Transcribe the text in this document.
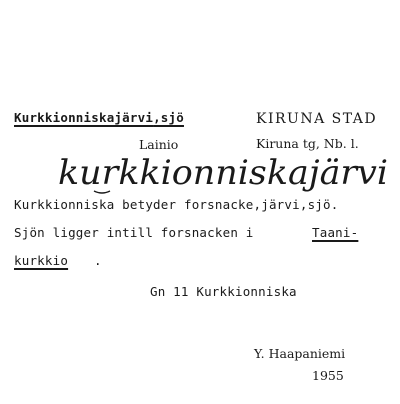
Kurkkionniskajärvi,sjö	KIRUNA STAD
Lainio	Kiruna tg, Nb. l.
kurkkionniskajärvi
Kurkkionniska betyder forsnacke,järvi,sjö.
Sjön ligger intill forsnacken i	Taani-
kurkkio .
Gn 11 Kurkkionniska
Y. Haapaniemi
1955
